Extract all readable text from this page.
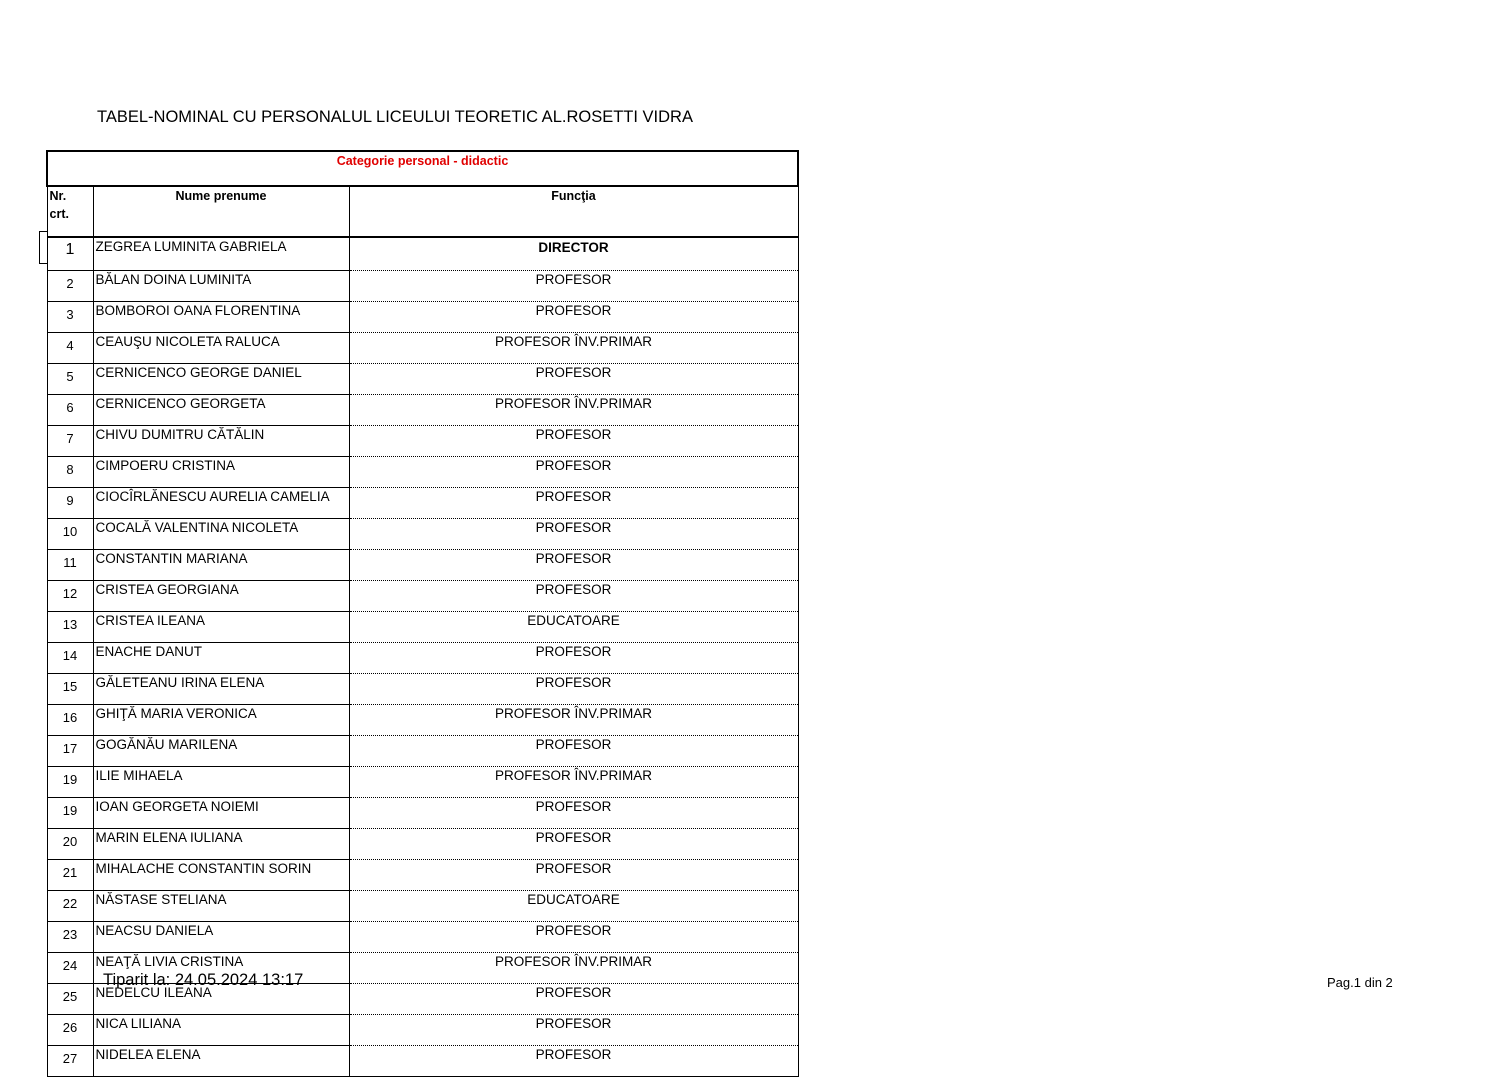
TABEL-NOMINAL CU PERSONALUL LICEULUI TEORETIC AL.ROSETTI VIDRA
Categorie personal - didactic		

Nr.
crt.	Nume prenume	Funcţia
1	ZEGREA LUMINITA GABRIELA	DIRECTOR
2	BĂLAN DOINA LUMINITA	PROFESOR
3	BOMBOROI OANA FLORENTINA	PROFESOR
4	CEAUŞU NICOLETA RALUCA	PROFESOR ÎNV.PRIMAR
5	CERNICENCO GEORGE DANIEL	PROFESOR
6	CERNICENCO GEORGETA	PROFESOR ÎNV.PRIMAR
7	CHIVU DUMITRU CĂTĂLIN	PROFESOR
8	CIMPOERU CRISTINA	PROFESOR
9	CIOCÎRLĂNESCU AURELIA CAMELIA	PROFESOR
10	COCALĂ VALENTINA NICOLETA	PROFESOR
11	CONSTANTIN MARIANA	PROFESOR
12	CRISTEA GEORGIANA	PROFESOR
13	CRISTEA ILEANA	EDUCATOARE
14	ENACHE DANUT	PROFESOR
15	GĂLETEANU IRINA ELENA	PROFESOR
16	GHIŢĂ MARIA VERONICA	PROFESOR ÎNV.PRIMAR
17	GOGĂNĂU MARILENA	PROFESOR
19	ILIE MIHAELA	PROFESOR ÎNV.PRIMAR
19	IOAN GEORGETA NOIEMI	PROFESOR
20	MARIN ELENA IULIANA	PROFESOR
21	MIHALACHE CONSTANTIN SORIN	PROFESOR
22	NĂSTASE STELIANA	EDUCATOARE
23	NEACSU DANIELA	PROFESOR
24	NEAŢĂ LIVIA CRISTINA	PROFESOR ÎNV.PRIMAR
25	NEDELCU ILEANA	PROFESOR
26	NICA LILIANA	PROFESOR
27	NIDELEA ELENA	PROFESOR
Tiparit la: 24.05.2024 13:17	Pag.1 din 2
